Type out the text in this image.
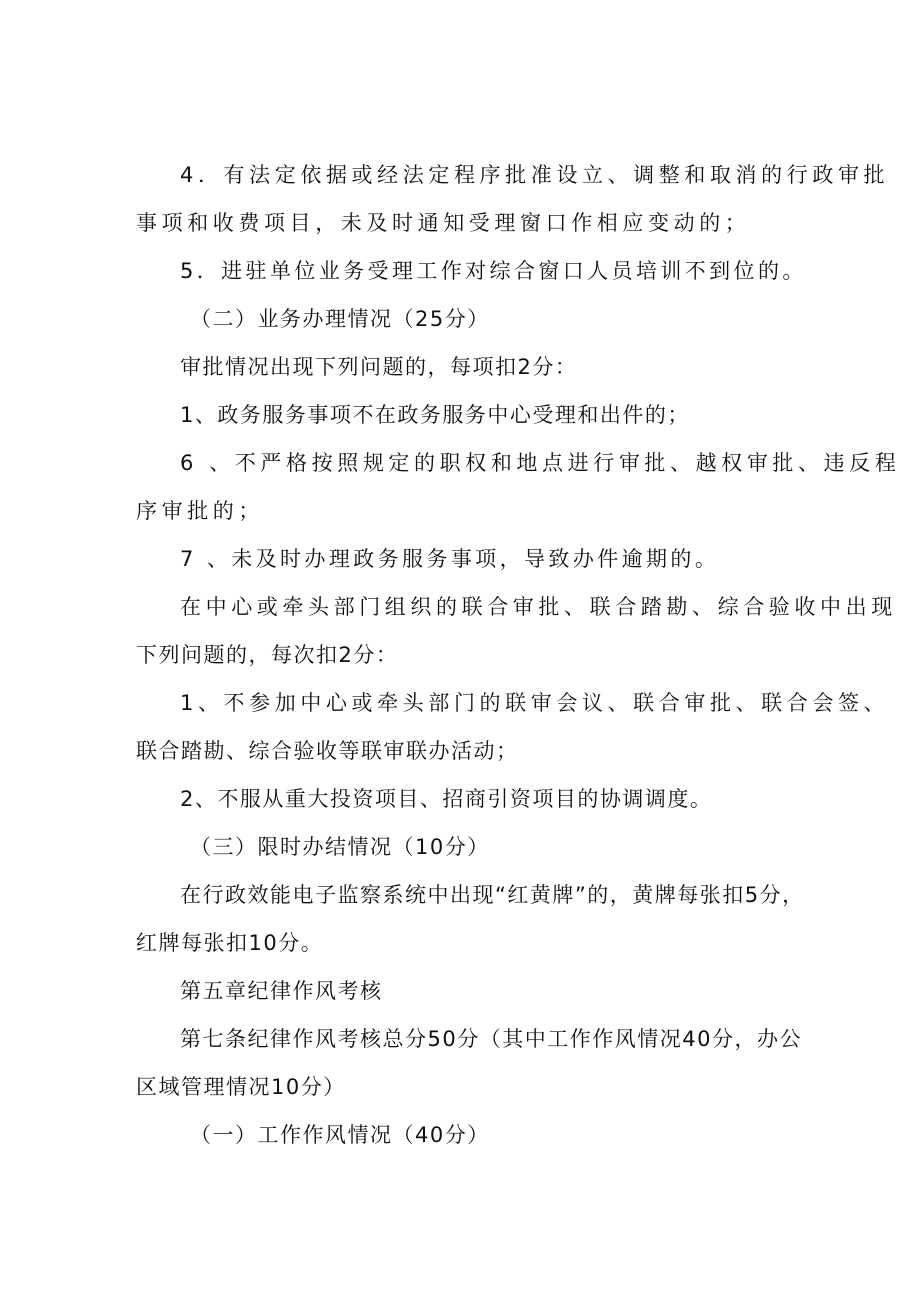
4．有法定依据或经法定程序批准设立、调整和取消的行政审批

事项和收费项目，未及时通知受理窗口作相应变动的；

5．进驻单位业务受理工作对综合窗口人员培训不到位的。

（二）业务办理情况（25分）

审批情况出现下列问题的，每项扣2分：

1、政务服务事项不在政务服务中心受理和出件的；

6 、不严格按照规定的职权和地点进行审批、越权审批、违反程

序审批的；

7 、未及时办理政务服务事项，导致办件逾期的。

在中心或牵头部门组织的联合审批、联合踏勘、综合验收中出现

下列问题的，每次扣2分：

1、不参加中心或牵头部门的联审会议、联合审批、联合会签、

联合踏勘、综合验收等联审联办活动；

2、不服从重大投资项目、招商引资项目的协调调度。

（三）限时办结情况（10分）

在行政效能电子监察系统中出现“红黄牌”的，黄牌每张扣5分，

红牌每张扣10分。

第五章纪律作风考核

第七条纪律作风考核总分50分（其中工作作风情况40分，办公

区域管理情况10分）

（一）工作作风情况（40分）
